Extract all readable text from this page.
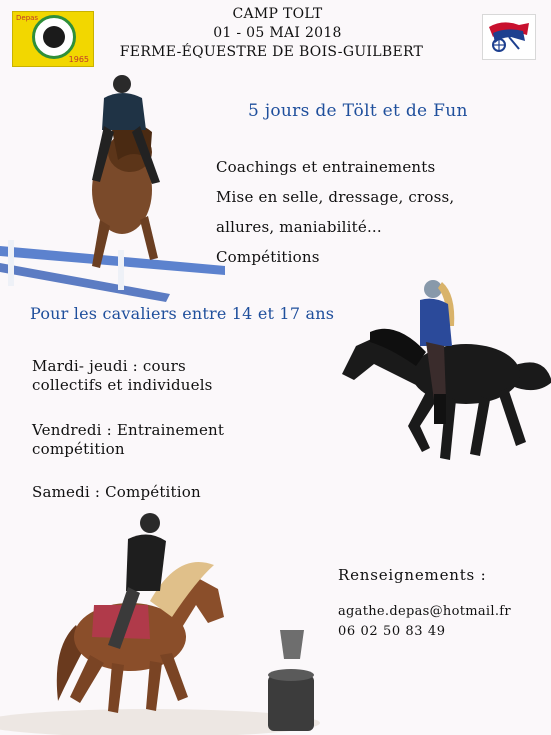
Depas
1965
CAMP TOLT
01 - 05 MAI 2018
FERME-ÉQUESTRE DE BOIS-GUILBERT
5 jours de Tölt et de Fun
Coachings et entrainements
Mise en selle, dressage, cross,
allures, maniabilité...
Compétitions
Pour les cavaliers entre 14 et 17 ans
Mardi- jeudi : cours
collectifs et individuels
Vendredi : Entrainement
compétition
Samedi : Compétition
Renseignements :
agathe.depas@hotmail.fr
06 02 50 83 49
